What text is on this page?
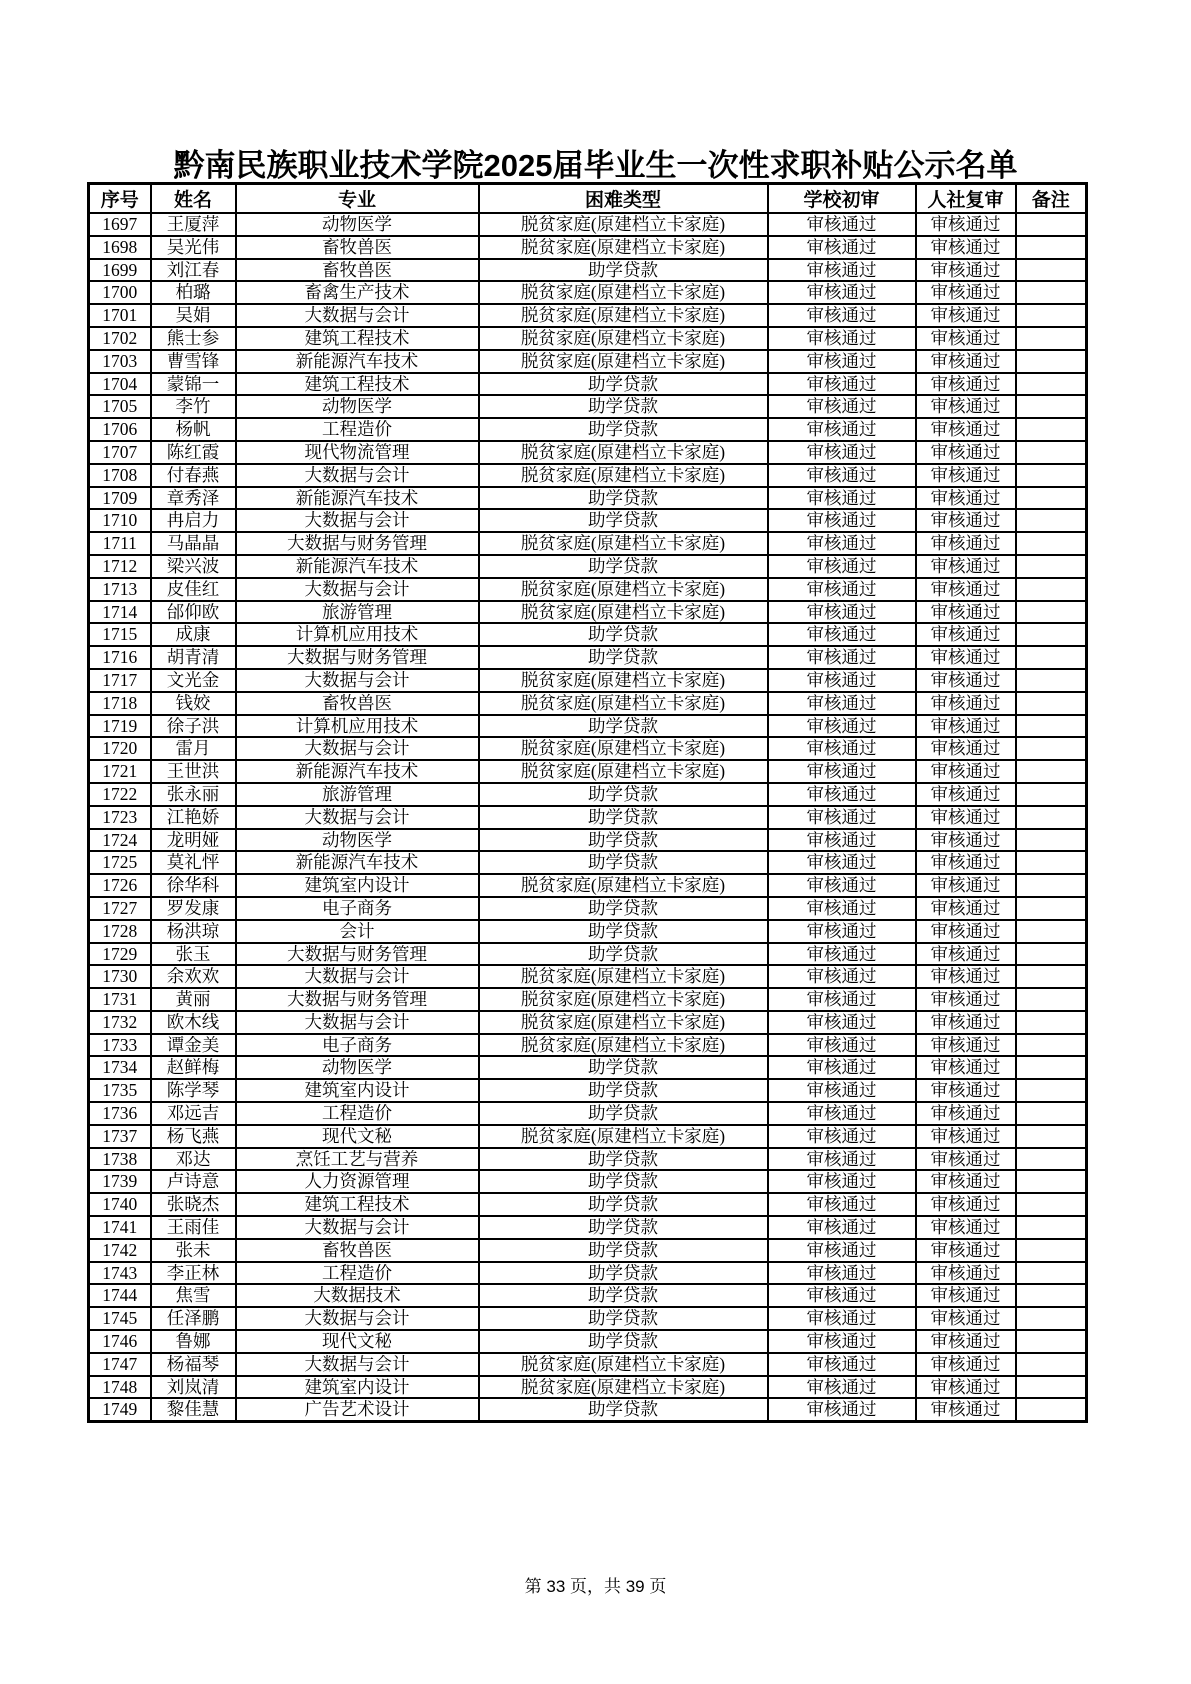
黔南民族职业技术学院2025届毕业生一次性求职补贴公示名单
序号	姓名	专业	困难类型	学校初审	人社复审	备注
1697	王厦萍	动物医学	脱贫家庭(原建档立卡家庭)	审核通过	审核通过	
1698	吴光伟	畜牧兽医	脱贫家庭(原建档立卡家庭)	审核通过	审核通过	
1699	刘江春	畜牧兽医	助学贷款	审核通过	审核通过	
1700	柏璐	畜禽生产技术	脱贫家庭(原建档立卡家庭)	审核通过	审核通过	
1701	吴娟	大数据与会计	脱贫家庭(原建档立卡家庭)	审核通过	审核通过	
1702	熊士参	建筑工程技术	脱贫家庭(原建档立卡家庭)	审核通过	审核通过	
1703	曹雪锋	新能源汽车技术	脱贫家庭(原建档立卡家庭)	审核通过	审核通过	
1704	蒙锦一	建筑工程技术	助学贷款	审核通过	审核通过	
1705	李竹	动物医学	助学贷款	审核通过	审核通过	
1706	杨帆	工程造价	助学贷款	审核通过	审核通过	
1707	陈红霞	现代物流管理	脱贫家庭(原建档立卡家庭)	审核通过	审核通过	
1708	付春燕	大数据与会计	脱贫家庭(原建档立卡家庭)	审核通过	审核通过	
1709	章秀泽	新能源汽车技术	助学贷款	审核通过	审核通过	
1710	冉启力	大数据与会计	助学贷款	审核通过	审核通过	
1711	马晶晶	大数据与财务管理	脱贫家庭(原建档立卡家庭)	审核通过	审核通过	
1712	梁兴波	新能源汽车技术	助学贷款	审核通过	审核通过	
1713	皮佳红	大数据与会计	脱贫家庭(原建档立卡家庭)	审核通过	审核通过	
1714	邰仰欧	旅游管理	脱贫家庭(原建档立卡家庭)	审核通过	审核通过	
1715	成康	计算机应用技术	助学贷款	审核通过	审核通过	
1716	胡青清	大数据与财务管理	助学贷款	审核通过	审核通过	
1717	文光金	大数据与会计	脱贫家庭(原建档立卡家庭)	审核通过	审核通过	
1718	钱姣	畜牧兽医	脱贫家庭(原建档立卡家庭)	审核通过	审核通过	
1719	徐子洪	计算机应用技术	助学贷款	审核通过	审核通过	
1720	雷月	大数据与会计	脱贫家庭(原建档立卡家庭)	审核通过	审核通过	
1721	王世洪	新能源汽车技术	脱贫家庭(原建档立卡家庭)	审核通过	审核通过	
1722	张永丽	旅游管理	助学贷款	审核通过	审核通过	
1723	江艳娇	大数据与会计	助学贷款	审核通过	审核通过	
1724	龙明娅	动物医学	助学贷款	审核通过	审核通过	
1725	莫礼怦	新能源汽车技术	助学贷款	审核通过	审核通过	
1726	徐华科	建筑室内设计	脱贫家庭(原建档立卡家庭)	审核通过	审核通过	
1727	罗发康	电子商务	助学贷款	审核通过	审核通过	
1728	杨洪琼	会计	助学贷款	审核通过	审核通过	
1729	张玉	大数据与财务管理	助学贷款	审核通过	审核通过	
1730	余欢欢	大数据与会计	脱贫家庭(原建档立卡家庭)	审核通过	审核通过	
1731	黄丽	大数据与财务管理	脱贫家庭(原建档立卡家庭)	审核通过	审核通过	
1732	欧木线	大数据与会计	脱贫家庭(原建档立卡家庭)	审核通过	审核通过	
1733	谭金美	电子商务	脱贫家庭(原建档立卡家庭)	审核通过	审核通过	
1734	赵鲜梅	动物医学	助学贷款	审核通过	审核通过	
1735	陈学琴	建筑室内设计	助学贷款	审核通过	审核通过	
1736	邓远吉	工程造价	助学贷款	审核通过	审核通过	
1737	杨飞燕	现代文秘	脱贫家庭(原建档立卡家庭)	审核通过	审核通过	
1738	邓达	烹饪工艺与营养	助学贷款	审核通过	审核通过	
1739	卢诗意	人力资源管理	助学贷款	审核通过	审核通过	
1740	张晓杰	建筑工程技术	助学贷款	审核通过	审核通过	
1741	王雨佳	大数据与会计	助学贷款	审核通过	审核通过	
1742	张未	畜牧兽医	助学贷款	审核通过	审核通过	
1743	李正林	工程造价	助学贷款	审核通过	审核通过	
1744	焦雪	大数据技术	助学贷款	审核通过	审核通过	
1745	任泽鹏	大数据与会计	助学贷款	审核通过	审核通过	
1746	鲁娜	现代文秘	助学贷款	审核通过	审核通过	
1747	杨福琴	大数据与会计	脱贫家庭(原建档立卡家庭)	审核通过	审核通过	
1748	刘岚清	建筑室内设计	脱贫家庭(原建档立卡家庭)	审核通过	审核通过	
1749	黎佳慧	广告艺术设计	助学贷款	审核通过	审核通过	
第 33 页，共 39 页
